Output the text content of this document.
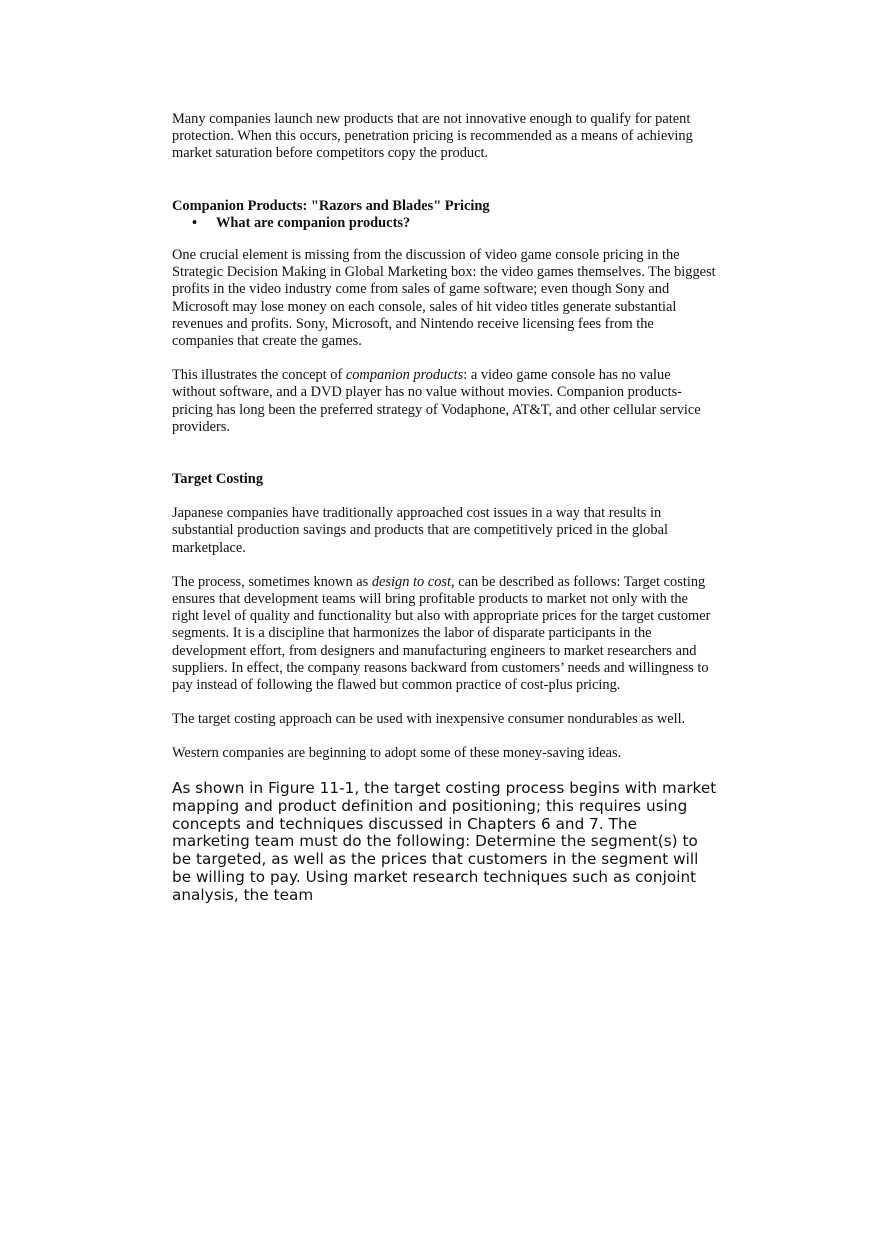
Many companies launch new products that are not innovative enough to qualify for patent protection. When this occurs, penetration pricing is recommended as a means of achieving market saturation before competitors copy the product.

Companion Products: "Razors and Blades" Pricing

•	What are companion products?

One crucial element is missing from the discussion of video game console pricing in the Strategic Decision Making in Global Marketing box: the video games themselves. The biggest profits in the video industry come from sales of game software; even though Sony and Microsoft may lose money on each console, sales of hit video titles generate substantial revenues and profits. Sony, Microsoft, and Nintendo receive licensing fees from the companies that create the games.

This illustrates the concept of companion products: a video game console has no value without software, and a DVD player has no value without movies. Companion products-pricing has long been the preferred strategy of Vodaphone, AT&T, and other cellular service providers.

Target Costing

Japanese companies have traditionally approached cost issues in a way that results in substantial production savings and products that are competitively priced in the global marketplace.

The process, sometimes known as design to cost, can be described as follows: Target costing ensures that development teams will bring profitable products to market not only with the right level of quality and functionality but also with appropriate prices for the target customer segments. It is a discipline that harmonizes the labor of disparate participants in the development effort, from designers and manufacturing engineers to market researchers and suppliers. In effect, the company reasons backward from customers’ needs and willingness to pay instead of following the flawed but common practice of cost-plus pricing.

The target costing approach can be used with inexpensive consumer nondurables as well.

Western companies are beginning to adopt some of these money-saving ideas.

As shown in Figure 11-1, the target costing process begins with market mapping and product definition and positioning; this requires using concepts and techniques discussed in Chapters 6 and 7. The marketing team must do the following: Determine the segment(s) to be targeted, as well as the prices that customers in the segment will be willing to pay. Using market research techniques such as conjoint analysis, the team
